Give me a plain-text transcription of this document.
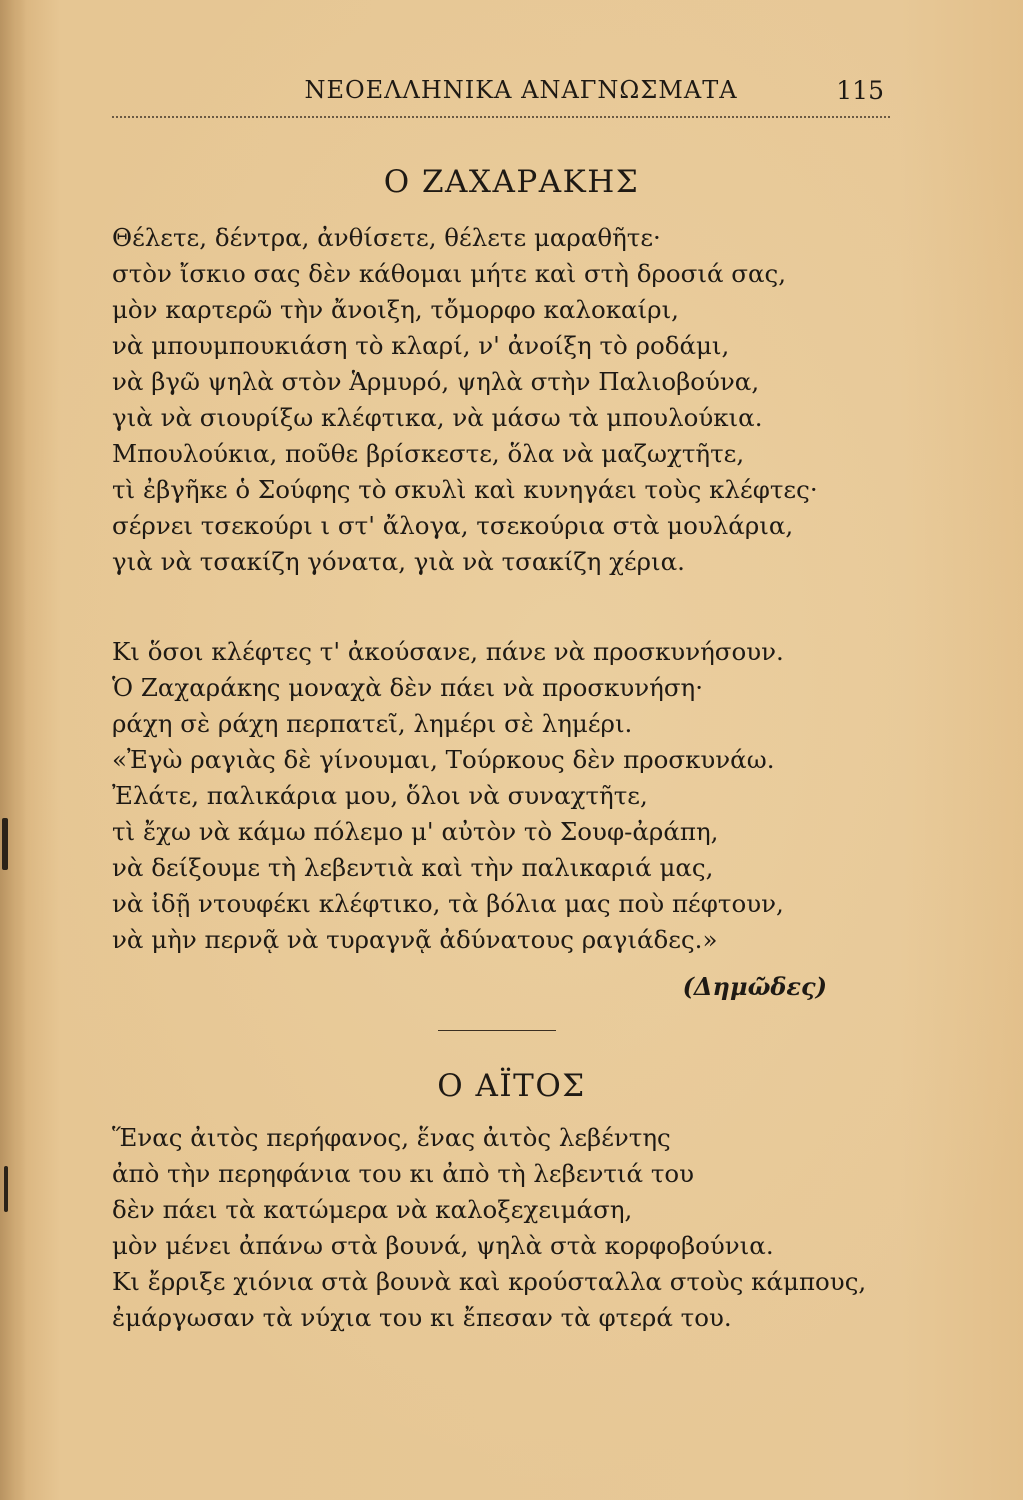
ΝΕΟΕΛΛΗΝΙΚΑ ΑΝΑΓΝΩΣΜΑΤΑ	115
Ο ΖΑΧΑΡΑΚΗΣ
Θέλετε, δέντρα, ἀνθίσετε, θέλετε μαραθῆτε·
στὸν ἴσκιο σας δὲν κάθομαι μήτε καὶ στὴ δροσιά σας,
μὸν καρτερῶ τὴν ἄνοιξη, τὄμορφο καλοκαίρι,
νὰ μπουμπουκιάση τὸ κλαρί, ν' ἀνοίξη τὸ ροδάμι,
νὰ βγῶ ψηλὰ στὸν Ἁρμυρό, ψηλὰ στὴν Παλιοβούνα,
γιὰ νὰ σιουρίξω κλέφτικα, νὰ μάσω τὰ μπουλούκια.
Μπουλούκια, ποῦθε βρίσκεστε, ὅλα νὰ μαζωχτῆτε,
τὶ ἐβγῆκε ὁ Σούφης τὸ σκυλὶ καὶ κυνηγάει τοὺς κλέφτες·
σέρνει τσεκούρι ι στ' ἄλογα, τσεκούρια στὰ μουλάρια,
γιὰ νὰ τσακίζη γόνατα, γιὰ νὰ τσακίζη χέρια.
Κι ὅσοι κλέφτες τ' ἀκούσανε, πάνε νὰ προσκυνήσουν.
Ὁ Ζαχαράκης μοναχὰ δὲν πάει νὰ προσκυνήση·
ράχη σὲ ράχη περπατεῖ, λημέρι σὲ λημέρι.
«Ἐγὼ ραγιὰς δὲ γίνουμαι, Τούρκους δὲν προσκυνάω.
Ἐλάτε, παλικάρια μου, ὅλοι νὰ συναχτῆτε,
τὶ ἔχω νὰ κάμω πόλεμο μ' αὐτὸν τὸ Σουφ-ἀράπη,
νὰ δείξουμε τὴ λεβεντιὰ καὶ τὴν παλικαριά μας,
νὰ ἰδῇ ντουφέκι κλέφτικο, τὰ βόλια μας ποὺ πέφτουν,
νὰ μὴν περνᾷ νὰ τυραγνᾷ ἀδύνατους ραγιάδες.»
(Δημῶδες)
Ο ΑΪΤΟΣ
Ἕνας ἀιτὸς περήφανος, ἕνας ἀιτὸς λεβέντης
ἀπὸ τὴν περηφάνια του κι ἀπὸ τὴ λεβεντιά του
δὲν πάει τὰ κατώμερα νὰ καλοξεχειμάση,
μὸν μένει ἀπάνω στὰ βουνά, ψηλὰ στὰ κορφοβούνια.
Κι ἔρριξε χιόνια στὰ βουνὰ καὶ κρούσταλλα στοὺς κάμπους,
ἐμάργωσαν τὰ νύχια του κι ἔπεσαν τὰ φτερά του.
